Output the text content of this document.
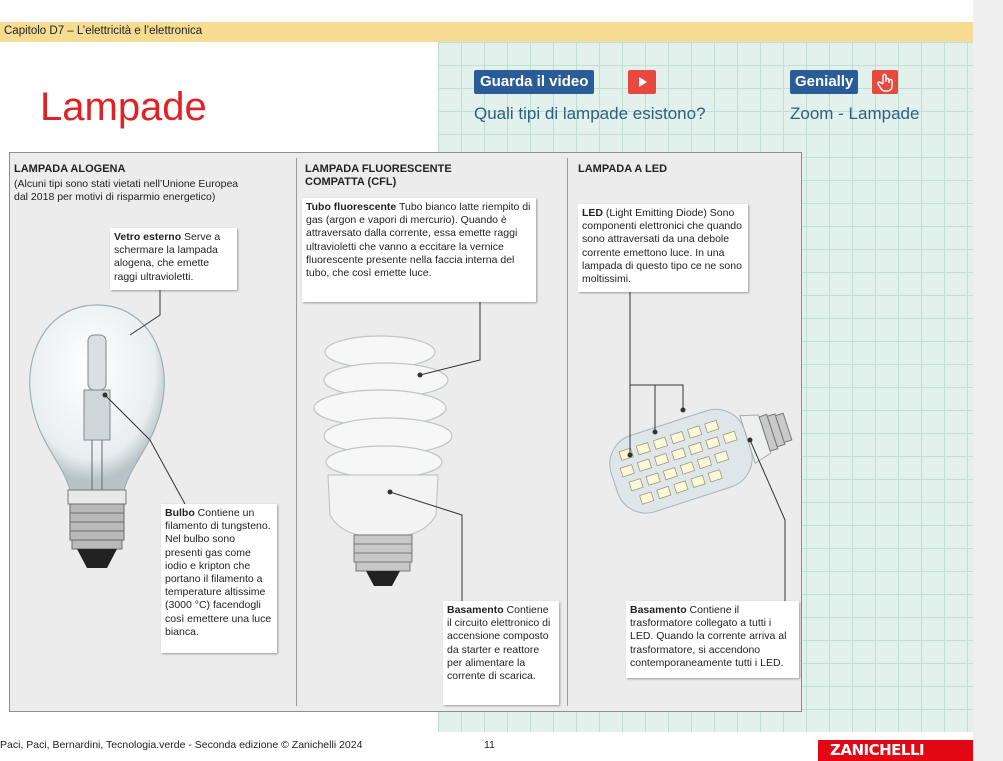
Capitolo D7 – L’elettricità e l’elettronica
Lampade
Guarda il video
Quali tipi di lampade esistono?
Genially
Zoom - Lampade
LAMPADA ALOGENA
(Alcuni tipi sono stati vietati nell’Unione Europea dal 2018 per motivi di risparmio energetico)
Vetro esterno Serve a schermare la lampada alogena, che emette raggi ultravioletti.
Bulbo Contiene un filamento di tungsteno. Nel bulbo sono presenti gas come iodio e kripton che portano il filamento a temperature altissime (3000 °C) facendogli così emettere una luce bianca.
LAMPADA FLUORESCENTE COMPATTA (CFL)
Tubo fluorescente Tubo bianco latte riempito di gas (argon e vapori di mercurio). Quando è attraversato dalla corrente, essa emette raggi ultravioletti che vanno a eccitare la vernice fluorescente presente nella faccia interna del tubo, che così emette luce.
Basamento Contiene il circuito elettronico di accensione composto da starter e reattore per alimentare la corrente di scarica.
LAMPADA A LED
LED (Light Emitting Diode) Sono componenti elettronici che quando sono attraversati da una debole corrente emettono luce. In una lampada di questo tipo ce ne sono moltissimi.
Basamento Contiene il trasformatore collegato a tutti i LED. Quando la corrente arriva al trasformatore, si accendono contemporaneamente tutti i LED.
Paci, Paci, Bernardini, Tecnologia.verde - Seconda edizione © Zanichelli 2024	11	ZANICHELLI
